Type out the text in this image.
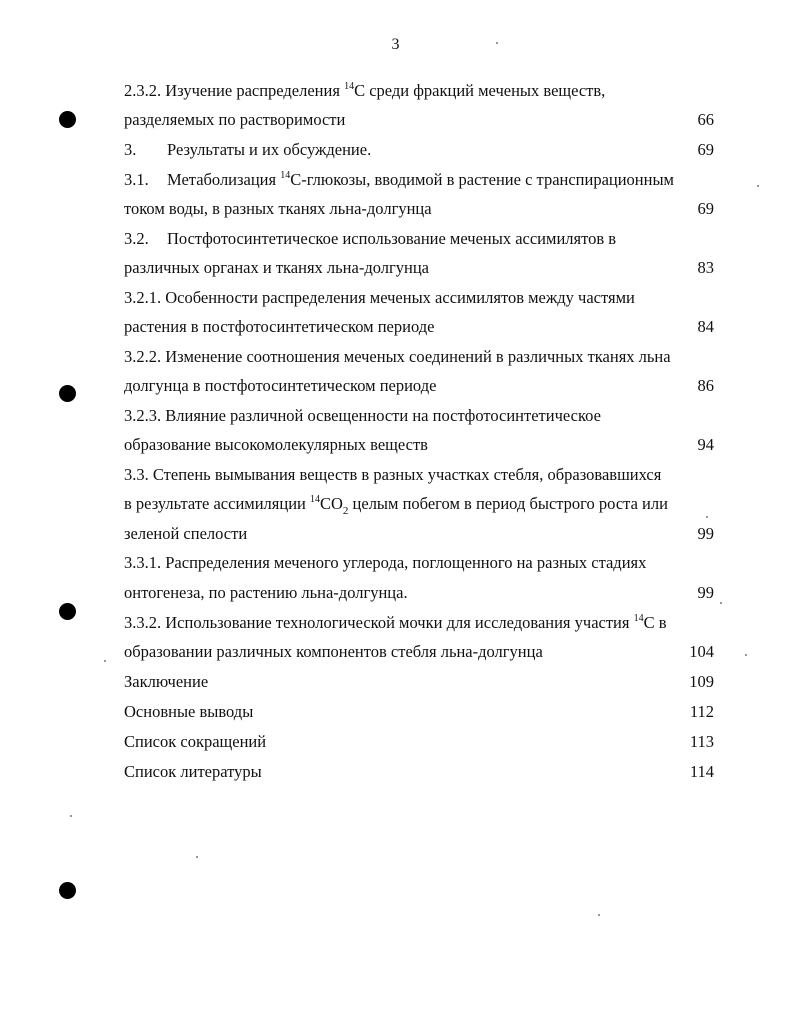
3
2.3.2. Изучение распределения $^{14}$C среди фракций меченых веществ,
разделяемых по растворимости	66
3. Результаты и их обсуждение.	69
3.1. Метаболизация $^{14}$С-глюкозы, вводимой в растение с транспирационным
током воды, в разных тканях льна-долгунца	69
3.2. Постфотосинтетическое использование меченых ассимилятов в
различных органах и тканях льна-долгунца	83
3.2.1. Особенности распределения меченых ассимилятов между частями
растения в постфотосинтетическом периоде	84
3.2.2. Изменение соотношения меченых соединений в различных тканях льна
долгунца в постфотосинтетическом периоде	86
3.2.3. Влияние различной освещенности на постфотосинтетическое
образование высокомолекулярных веществ	94
3.3. Степень вымывания веществ в разных участках стебля, образовавшихся
в результате ассимиляции $^{14}CO_2$ целым побегом в период быстрого роста или
зеленой спелости	99
3.3.1. Распределения меченого углерода, поглощенного на разных стадиях
онтогенеза, по растению льна-долгунца.	99
3.3.2. Использование технологической мочки для исследования участия $^{14}$C в
образовании различных компонентов стебля льна-долгунца	104
Заключение	109
Основные выводы	112
Список сокращений	113
Список литературы	114
